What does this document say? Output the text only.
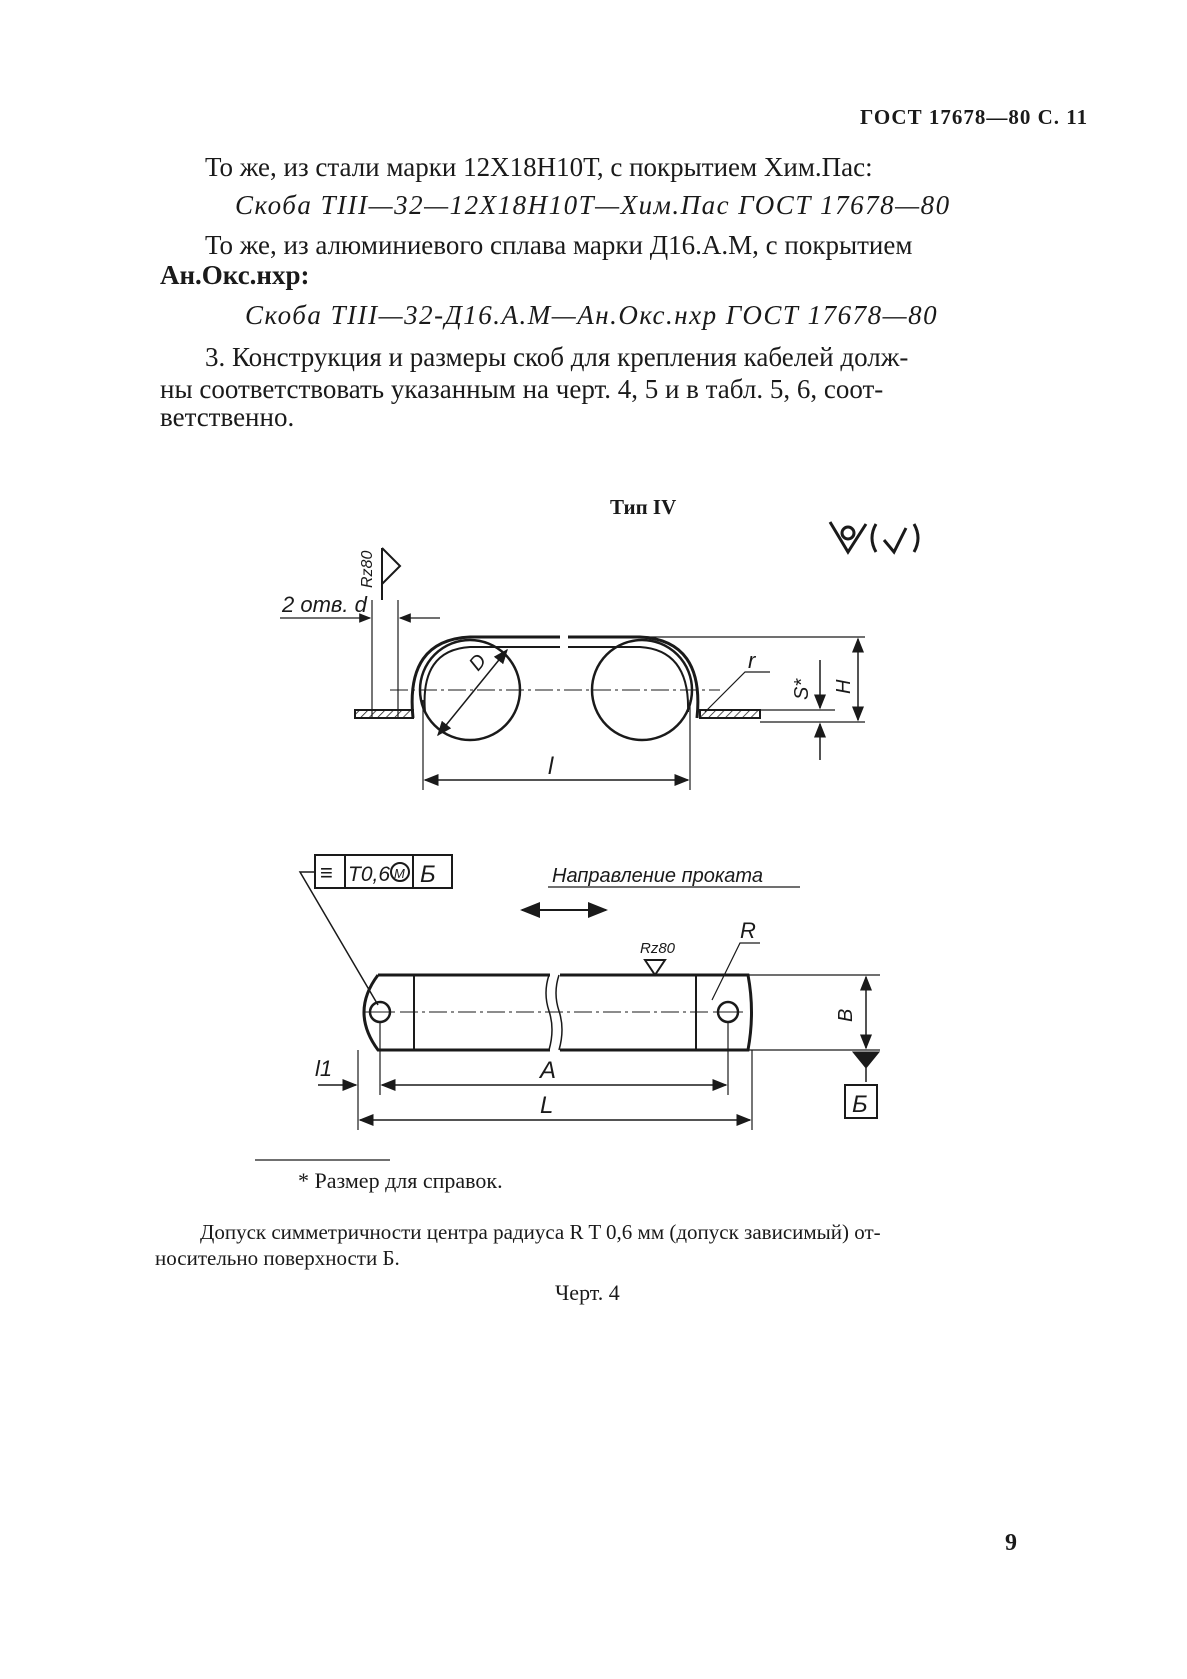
ГОСТ 17678—80 С. 11
То же, из стали марки 12Х18Н10Т, с покрытием Хим.Пас:
Скоба ТIII—32—12Х18Н10Т—Хим.Пас ГОСТ 17678—80
То же, из алюминиевого сплава марки Д16.А.М, с покрытием
Ан.Окс.нхр:
Скоба ТIII—32-Д16.А.М—Ан.Окс.нхр ГОСТ 17678—80
3. Конструкция и размеры скоб для крепления кабелей долж-
ны соответствовать указанным на черт. 4, 5 и в табл. 5, 6, соот-
ветственно.
Тип IV
2 отв. d
Rz80
D	r
S* H
l
≡ T0,6 M Б	Направление проката
Rz80
R
B
l1	A
L	Б
* Размер для справок.
Допуск симметричности центра радиуса R T 0,6 мм (допуск зависимый) от-
носительно поверхности Б.
Черт. 4
9
